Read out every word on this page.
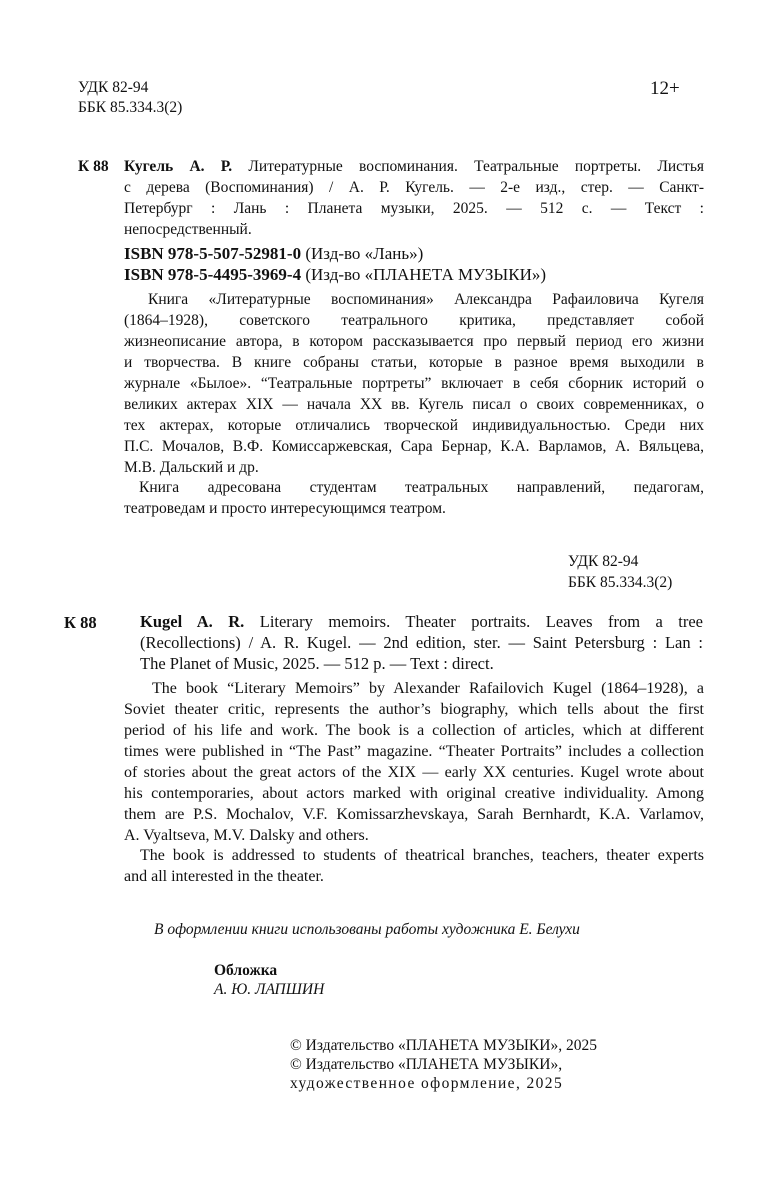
УДК 82-94
ББК 85.334.3(2)
12+
К 88 Кугель А. Р. Литературные воспоминания. Театральные портреты. Листья
с дерева (Воспоминания) / А. Р. Кугель. — 2-е изд., стер. — Санкт-
Петербург : Лань : Планета музыки, 2025. — 512 с. — Текст :
непосредственный.
ISBN 978-5-507-52981-0 (Изд-во «Лань»)
ISBN 978-5-4495-3969-4 (Изд-во «ПЛАНЕТА МУЗЫКИ»)
Книга «Литературные воспоминания» Александра Рафаиловича Кугеля
(1864–1928), советского театрального критика, представляет собой
жизнеописание автора, в котором рассказывается про первый период его жизни
и творчества. В книге собраны статьи, которые в разное время выходили в
журнале «Былое». “Театральные портреты” включает в себя сборник историй о
великих актерах XIX — начала XX вв. Кугель писал о своих современниках, о
тех актерах, которые отличались творческой индивидуальностью. Среди них
П.С. Мочалов, В.Ф. Комиссаржевская, Сара Бернар, К.А. Варламов, А. Вяльцева,
М.В. Дальский и др.
Книга адресована студентам театральных направлений, педагогам,
театроведам и просто интересующимся театром.
УДК 82-94
ББК 85.334.3(2)
К 88	Kugel A. R. Literary memoirs. Theater portraits. Leaves from a tree
(Recollections) / A. R. Kugel. — 2nd edition, ster. — Saint Petersburg : Lan :
The Planet of Music, 2025. — 512 p. — Text : direct.
The book “Literary Memoirs” by Alexander Rafailovich Kugel (1864–1928), a
Soviet theater critic, represents the author’s biography, which tells about the first
period of his life and work. The book is a collection of articles, which at different
times were published in “The Past” magazine. “Theater Portraits” includes a collection
of stories about the great actors of the XIX — early XX centuries. Kugel wrote about
his contemporaries, about actors marked with original creative individuality. Among
them are P.S. Mochalov, V.F. Komissarzhevskaya, Sarah Bernhardt, K.A. Varlamov,
A. Vyaltseva, M.V. Dalsky and others.
The book is addressed to students of theatrical branches, teachers, theater experts
and all interested in the theater.
В оформлении книги использованы работы художника Е. Белухи
Обложка
А. Ю. ЛАПШИН
© Издательство «ПЛАНЕТА МУЗЫКИ», 2025
© Издательство «ПЛАНЕТА МУЗЫКИ»,
художественное оформление, 2025
